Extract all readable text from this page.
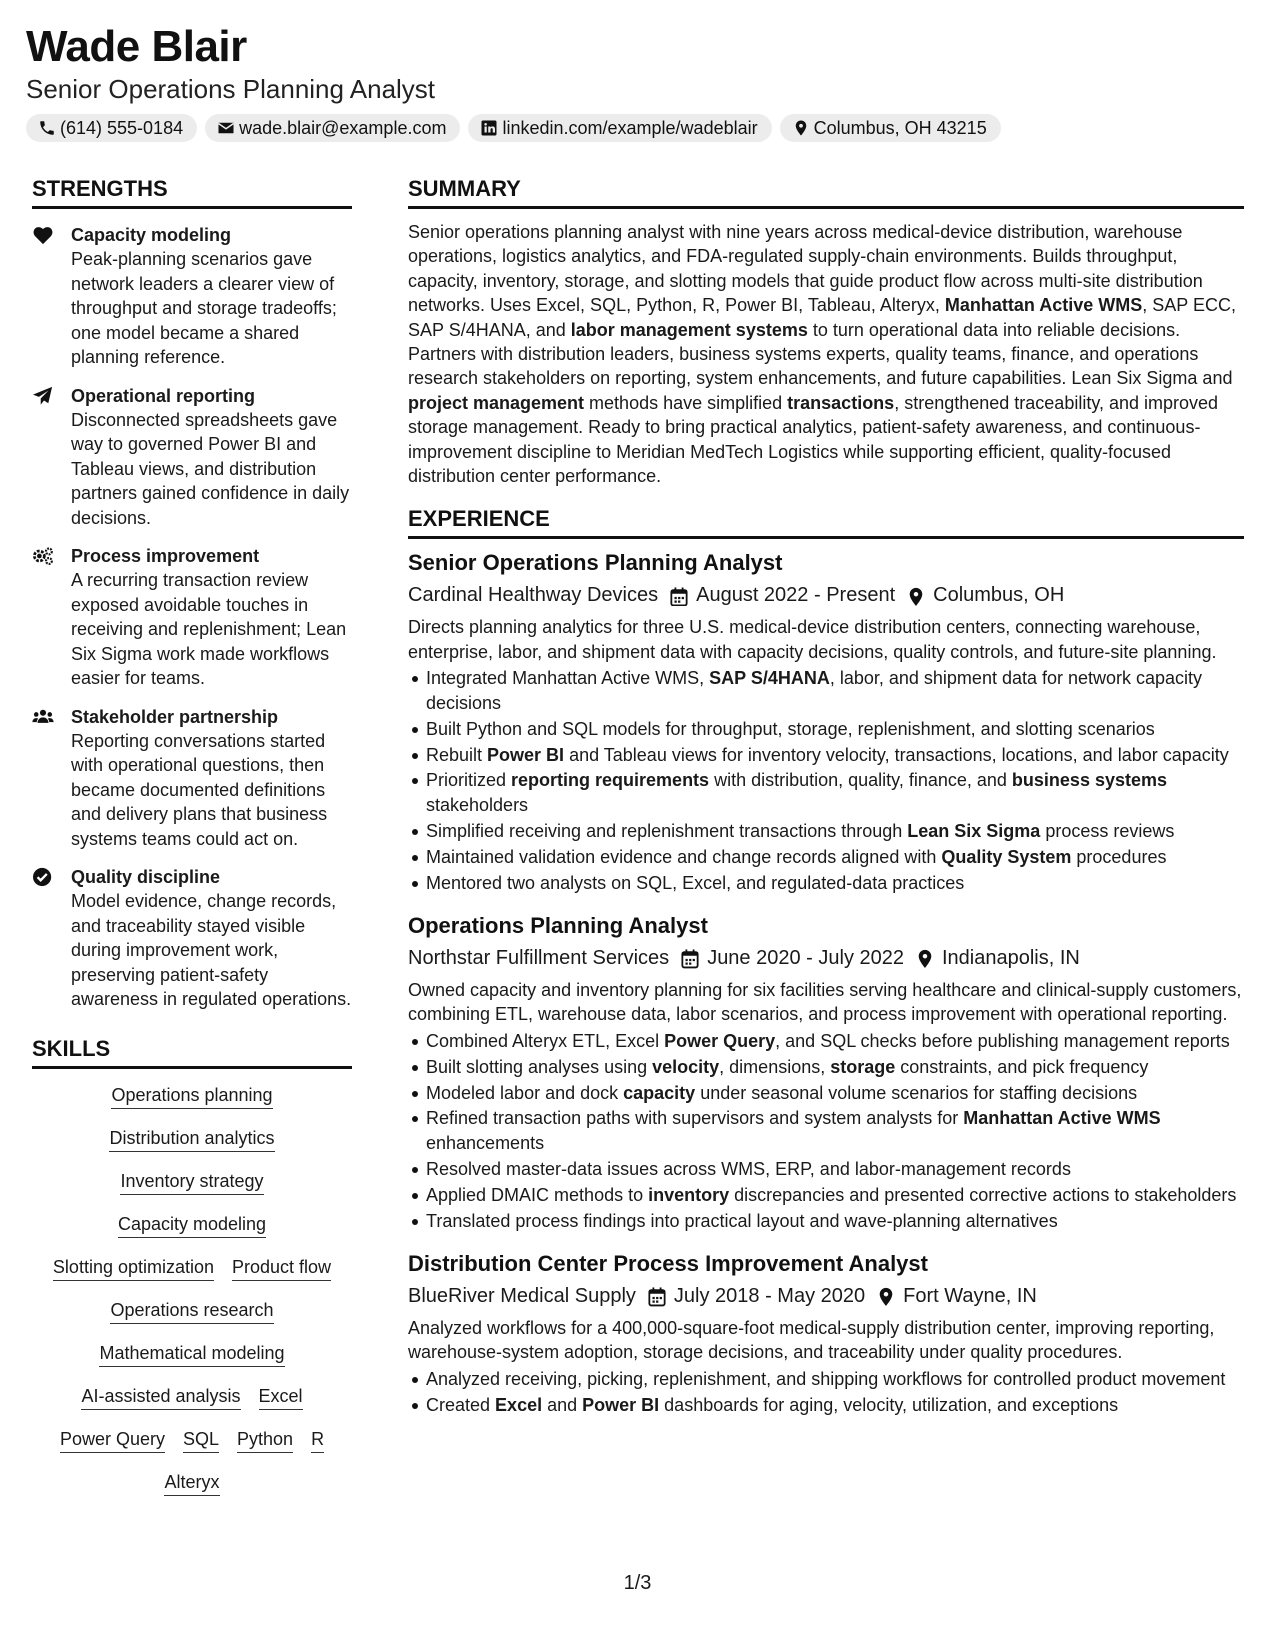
Wade Blair
Senior Operations Planning Analyst
(614) 555-0184	wade.blair@example.com	linkedin.com/example/wadeblair	Columbus, OH 43215
STRENGTHS
Capacity modeling
Peak-planning scenarios gave network leaders a clearer view of throughput and storage tradeoffs; one model became a shared planning reference.
Operational reporting
Disconnected spreadsheets gave way to governed Power BI and Tableau views, and distribution partners gained confidence in daily decisions.
Process improvement
A recurring transaction review exposed avoidable touches in receiving and replenishment; Lean Six Sigma work made workflows easier for teams.
Stakeholder partnership
Reporting conversations started with operational questions, then became documented definitions and delivery plans that business systems teams could act on.
Quality discipline
Model evidence, change records, and traceability stayed visible during improvement work, preserving patient-safety awareness in regulated operations.
SKILLS
Operations planning
Distribution analytics
Inventory strategy
Capacity modeling
Slotting optimization Product flow
Operations research
Mathematical modeling
AI-assisted analysis Excel
Power Query SQL Python R
Alteryx
SUMMARY
Senior operations planning analyst with nine years across medical-device distribution, warehouse operations, logistics analytics, and FDA-regulated supply-chain environments. Builds throughput, capacity, inventory, storage, and slotting models that guide product flow across multi-site distribution networks. Uses Excel, SQL, Python, R, Power BI, Tableau, Alteryx, Manhattan Active WMS, SAP ECC, SAP S/4HANA, and labor management systems to turn operational data into reliable decisions. Partners with distribution leaders, business systems experts, quality teams, finance, and operations research stakeholders on reporting, system enhancements, and future capabilities. Lean Six Sigma and project management methods have simplified transactions, strengthened traceability, and improved storage management. Ready to bring practical analytics, patient-safety awareness, and continuous-improvement discipline to Meridian MedTech Logistics while supporting efficient, quality-focused distribution center performance.
EXPERIENCE
Senior Operations Planning Analyst
Cardinal Healthway Devices August 2022 - Present Columbus, OH
Directs planning analytics for three U.S. medical-device distribution centers, connecting warehouse, enterprise, labor, and shipment data with capacity decisions, quality controls, and future-site planning.
Integrated Manhattan Active WMS, SAP S/4HANA, labor, and shipment data for network capacity decisions
Built Python and SQL models for throughput, storage, replenishment, and slotting scenarios
Rebuilt Power BI and Tableau views for inventory velocity, transactions, locations, and labor capacity
Prioritized reporting requirements with distribution, quality, finance, and business systems stakeholders
Simplified receiving and replenishment transactions through Lean Six Sigma process reviews
Maintained validation evidence and change records aligned with Quality System procedures
Mentored two analysts on SQL, Excel, and regulated-data practices
Operations Planning Analyst
Northstar Fulfillment Services June 2020 - July 2022 Indianapolis, IN
Owned capacity and inventory planning for six facilities serving healthcare and clinical-supply customers, combining ETL, warehouse data, labor scenarios, and process improvement with operational reporting.
Combined Alteryx ETL, Excel Power Query, and SQL checks before publishing management reports
Built slotting analyses using velocity, dimensions, storage constraints, and pick frequency
Modeled labor and dock capacity under seasonal volume scenarios for staffing decisions
Refined transaction paths with supervisors and system analysts for Manhattan Active WMS enhancements
Resolved master-data issues across WMS, ERP, and labor-management records
Applied DMAIC methods to inventory discrepancies and presented corrective actions to stakeholders
Translated process findings into practical layout and wave-planning alternatives
Distribution Center Process Improvement Analyst
BlueRiver Medical Supply July 2018 - May 2020 Fort Wayne, IN
Analyzed workflows for a 400,000-square-foot medical-supply distribution center, improving reporting, warehouse-system adoption, storage decisions, and traceability under quality procedures.
Analyzed receiving, picking, replenishment, and shipping workflows for controlled product movement
Created Excel and Power BI dashboards for aging, velocity, utilization, and exceptions
1/3
